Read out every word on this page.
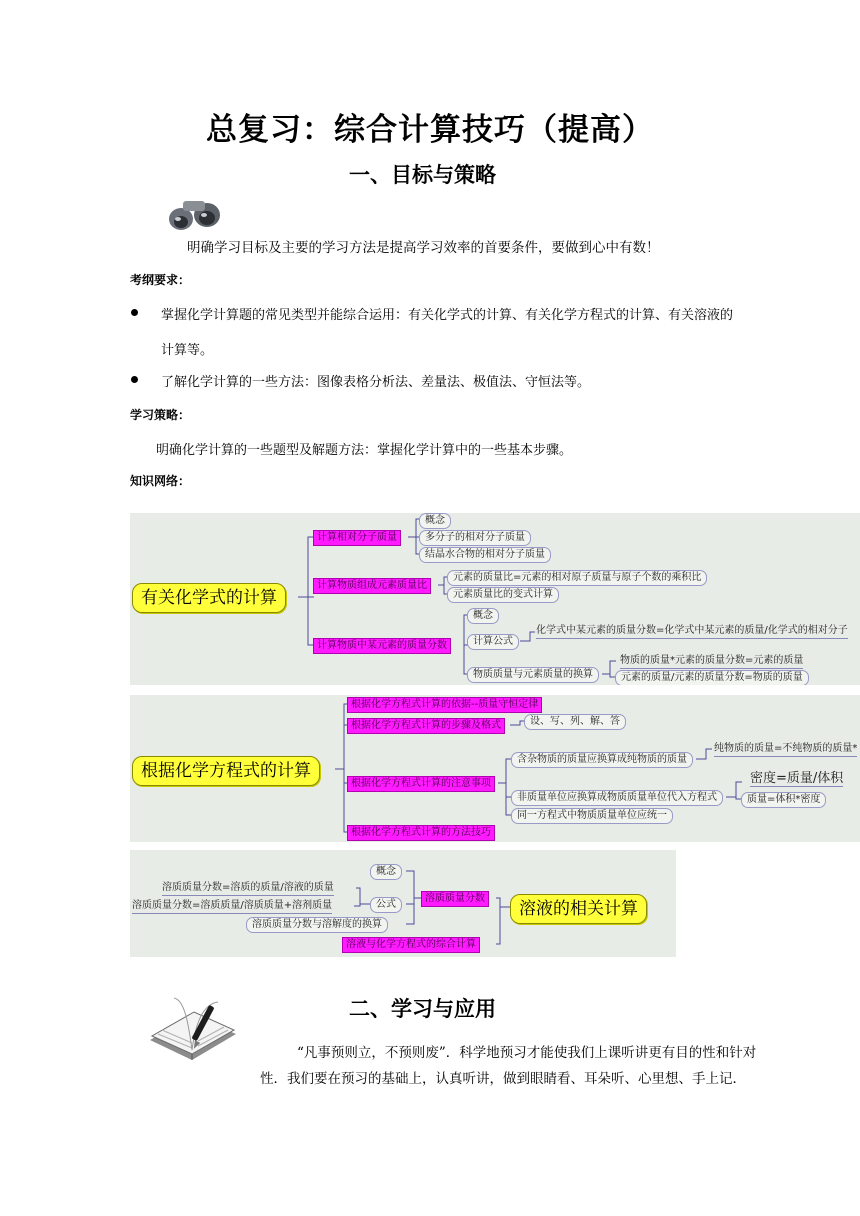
总复习：综合计算技巧（提高）
一、目标与策略
明确学习目标及主要的学习方法是提高学习效率的首要条件，要做到心中有数！
考纲要求：
掌握化学计算题的常见类型并能综合运用：有关化学式的计算、有关化学方程式的计算、有关溶液的
计算等。
了解化学计算的一些方法：图像表格分析法、差量法、极值法、守恒法等。
学习策略：
明确化学计算的一些题型及解题方法：掌握化学计算中的一些基本步骤。
知识网络：
有关化学式的计算
计算相对分子质量
概念
多分子的相对分子质量
结晶水合物的相对分子质量
计算物质组成元素质量比
元素的质量比=元素的相对原子质量与原子个数的乘积比
元素质量比的变式计算
计算物质中某元素的质量分数
概念
计算公式
化学式中某元素的质量分数=化学式中某元素的质量/化学式的相对分子
物质质量与元素质量的换算
物质的质量*元素的质量分数=元素的质量
元素的质量/元素的质量分数=物质的质量
根据化学方程式的计算
根据化学方程式计算的依据--质量守恒定律
根据化学方程式计算的步骤及格式	设、写、列、解、答
根据化学方程式计算的注意事项
含杂物质的质量应换算成纯物质的质量
纯物质的质量=不纯物质的质量*
非质量单位应换算成物质质量单位代入方程式
密度=质量/体积
质量=体积*密度
同一方程式中物质质量单位应统一
根据化学方程式计算的方法技巧
溶液的相关计算
溶质质量分数
概念
公式
溶质质量分数=溶质的质量/溶液的质量
溶质质量分数=溶质质量/溶质质量+溶剂质量
溶质质量分数与溶解度的换算
溶液与化学方程式的综合计算
二、学习与应用
“凡事预则立，不预则废”．科学地预习才能使我们上课听讲更有目的性和针对
性．我们要在预习的基础上，认真听讲，做到眼睛看、耳朵听、心里想、手上记．
